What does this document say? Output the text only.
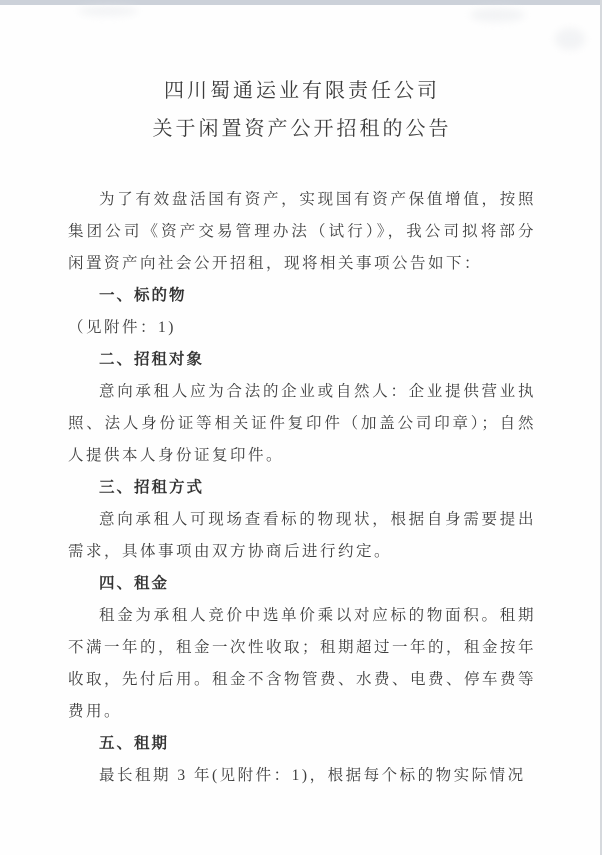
四川蜀通运业有限责任公司
关于闲置资产公开招租的公告

为了有效盘活国有资产，实现国有资产保值增值，按照集团公司《资产交易管理办法（试行）》，我公司拟将部分闲置资产向社会公开招租，现将相关事项公告如下：

一、标的物

（见附件：1)

二、招租对象

意向承租人应为合法的企业或自然人：企业提供营业执照、法人身份证等相关证件复印件（加盖公司印章）；自然人提供本人身份证复印件。

三、招租方式

意向承租人可现场查看标的物现状，根据自身需要提出需求，具体事项由双方协商后进行约定。

四、租金

租金为承租人竞价中选单价乘以对应标的物面积。租期不满一年的，租金一次性收取；租期超过一年的，租金按年收取，先付后用。租金不含物管费、水费、电费、停车费等费用。

五、租期

最长租期 3 年(见附件：1)，根据每个标的物实际情况
